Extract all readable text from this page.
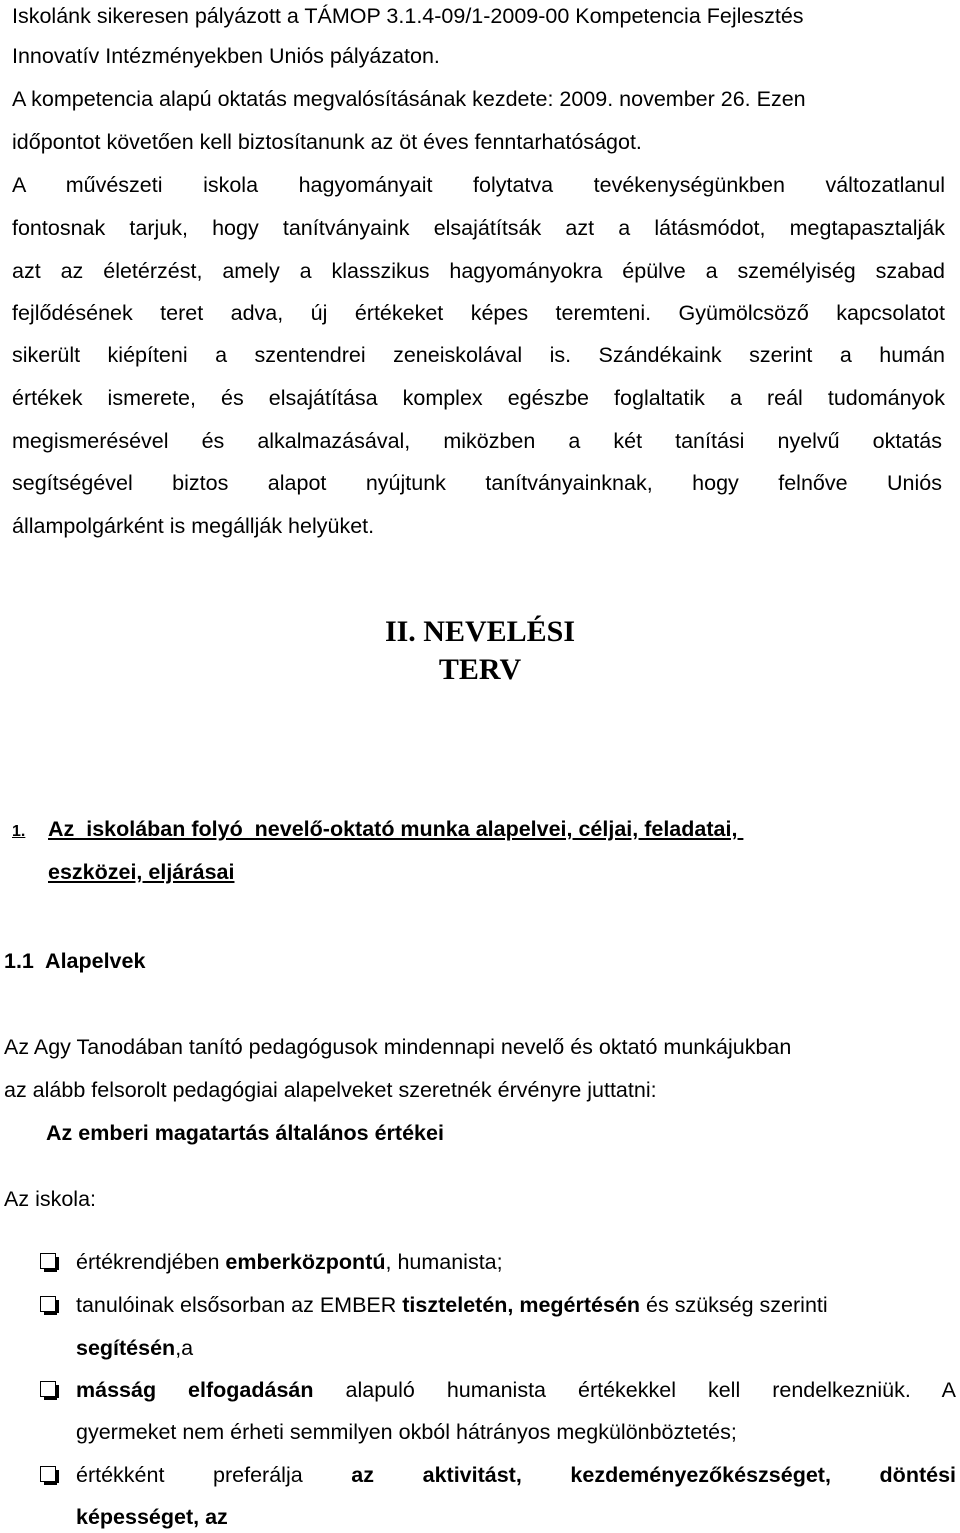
Iskolánk sikeresen pályázott a TÁMOP 3.1.4-09/1-2009-00 Kompetencia Fejlesztés
Innovatív Intézményekben Uniós pályázaton.
A kompetencia alapú oktatás megvalósításának kezdete: 2009. november 26. Ezen
időpontot követően kell biztosítanunk az öt éves fenntarhatóságot.
A művészeti iskola hagyományait folytatva tevékenységünkben változatlanul
fontosnak tarjuk, hogy tanítványaink elsajátítsák azt a látásmódot, megtapasztalják
azt az életérzést, amely a klasszikus hagyományokra épülve a személyiség szabad
fejlődésének teret adva, új értékeket képes teremteni. Gyümölcsöző kapcsolatot
sikerült kiépíteni a szentendrei zeneiskolával is. Szándékaink szerint a humán
értékek ismerete, és elsajátítása komplex egészbe foglaltatik a reál tudományok
megismerésével és alkalmazásával, miközben a két tanítási nyelvű oktatás
segítségével biztos alapot nyújtunk tanítványainknak, hogy felnőve Uniós
állampolgárként is megállják helyüket.
II. NEVELÉSI
TERV
1. Az  iskolában folyó  nevelő-oktató munka alapelvei, céljai, feladatai,
eszközei, eljárásai
1.1  Alapelvek
Az Agy Tanodában tanító pedagógusok mindennapi nevelő és oktató munkájukban
az alább felsorolt pedagógiai alapelveket szeretnék érvényre juttatni:
Az emberi magatartás általános értékei
Az iskola:
értékrendjében emberközpontú, humanista;
tanulóinak elsősorban az EMBER tiszteletén, megértésén és szükség szerinti
segítésén,a
másság elfogadásán alapuló humanista értékekkel kell rendelkezniük. A
gyermeket nem érheti semmilyen okból hátrányos megkülönböztetés;
értékként preferálja az aktivitást, kezdeményezőkészséget, döntési
képességet, az
